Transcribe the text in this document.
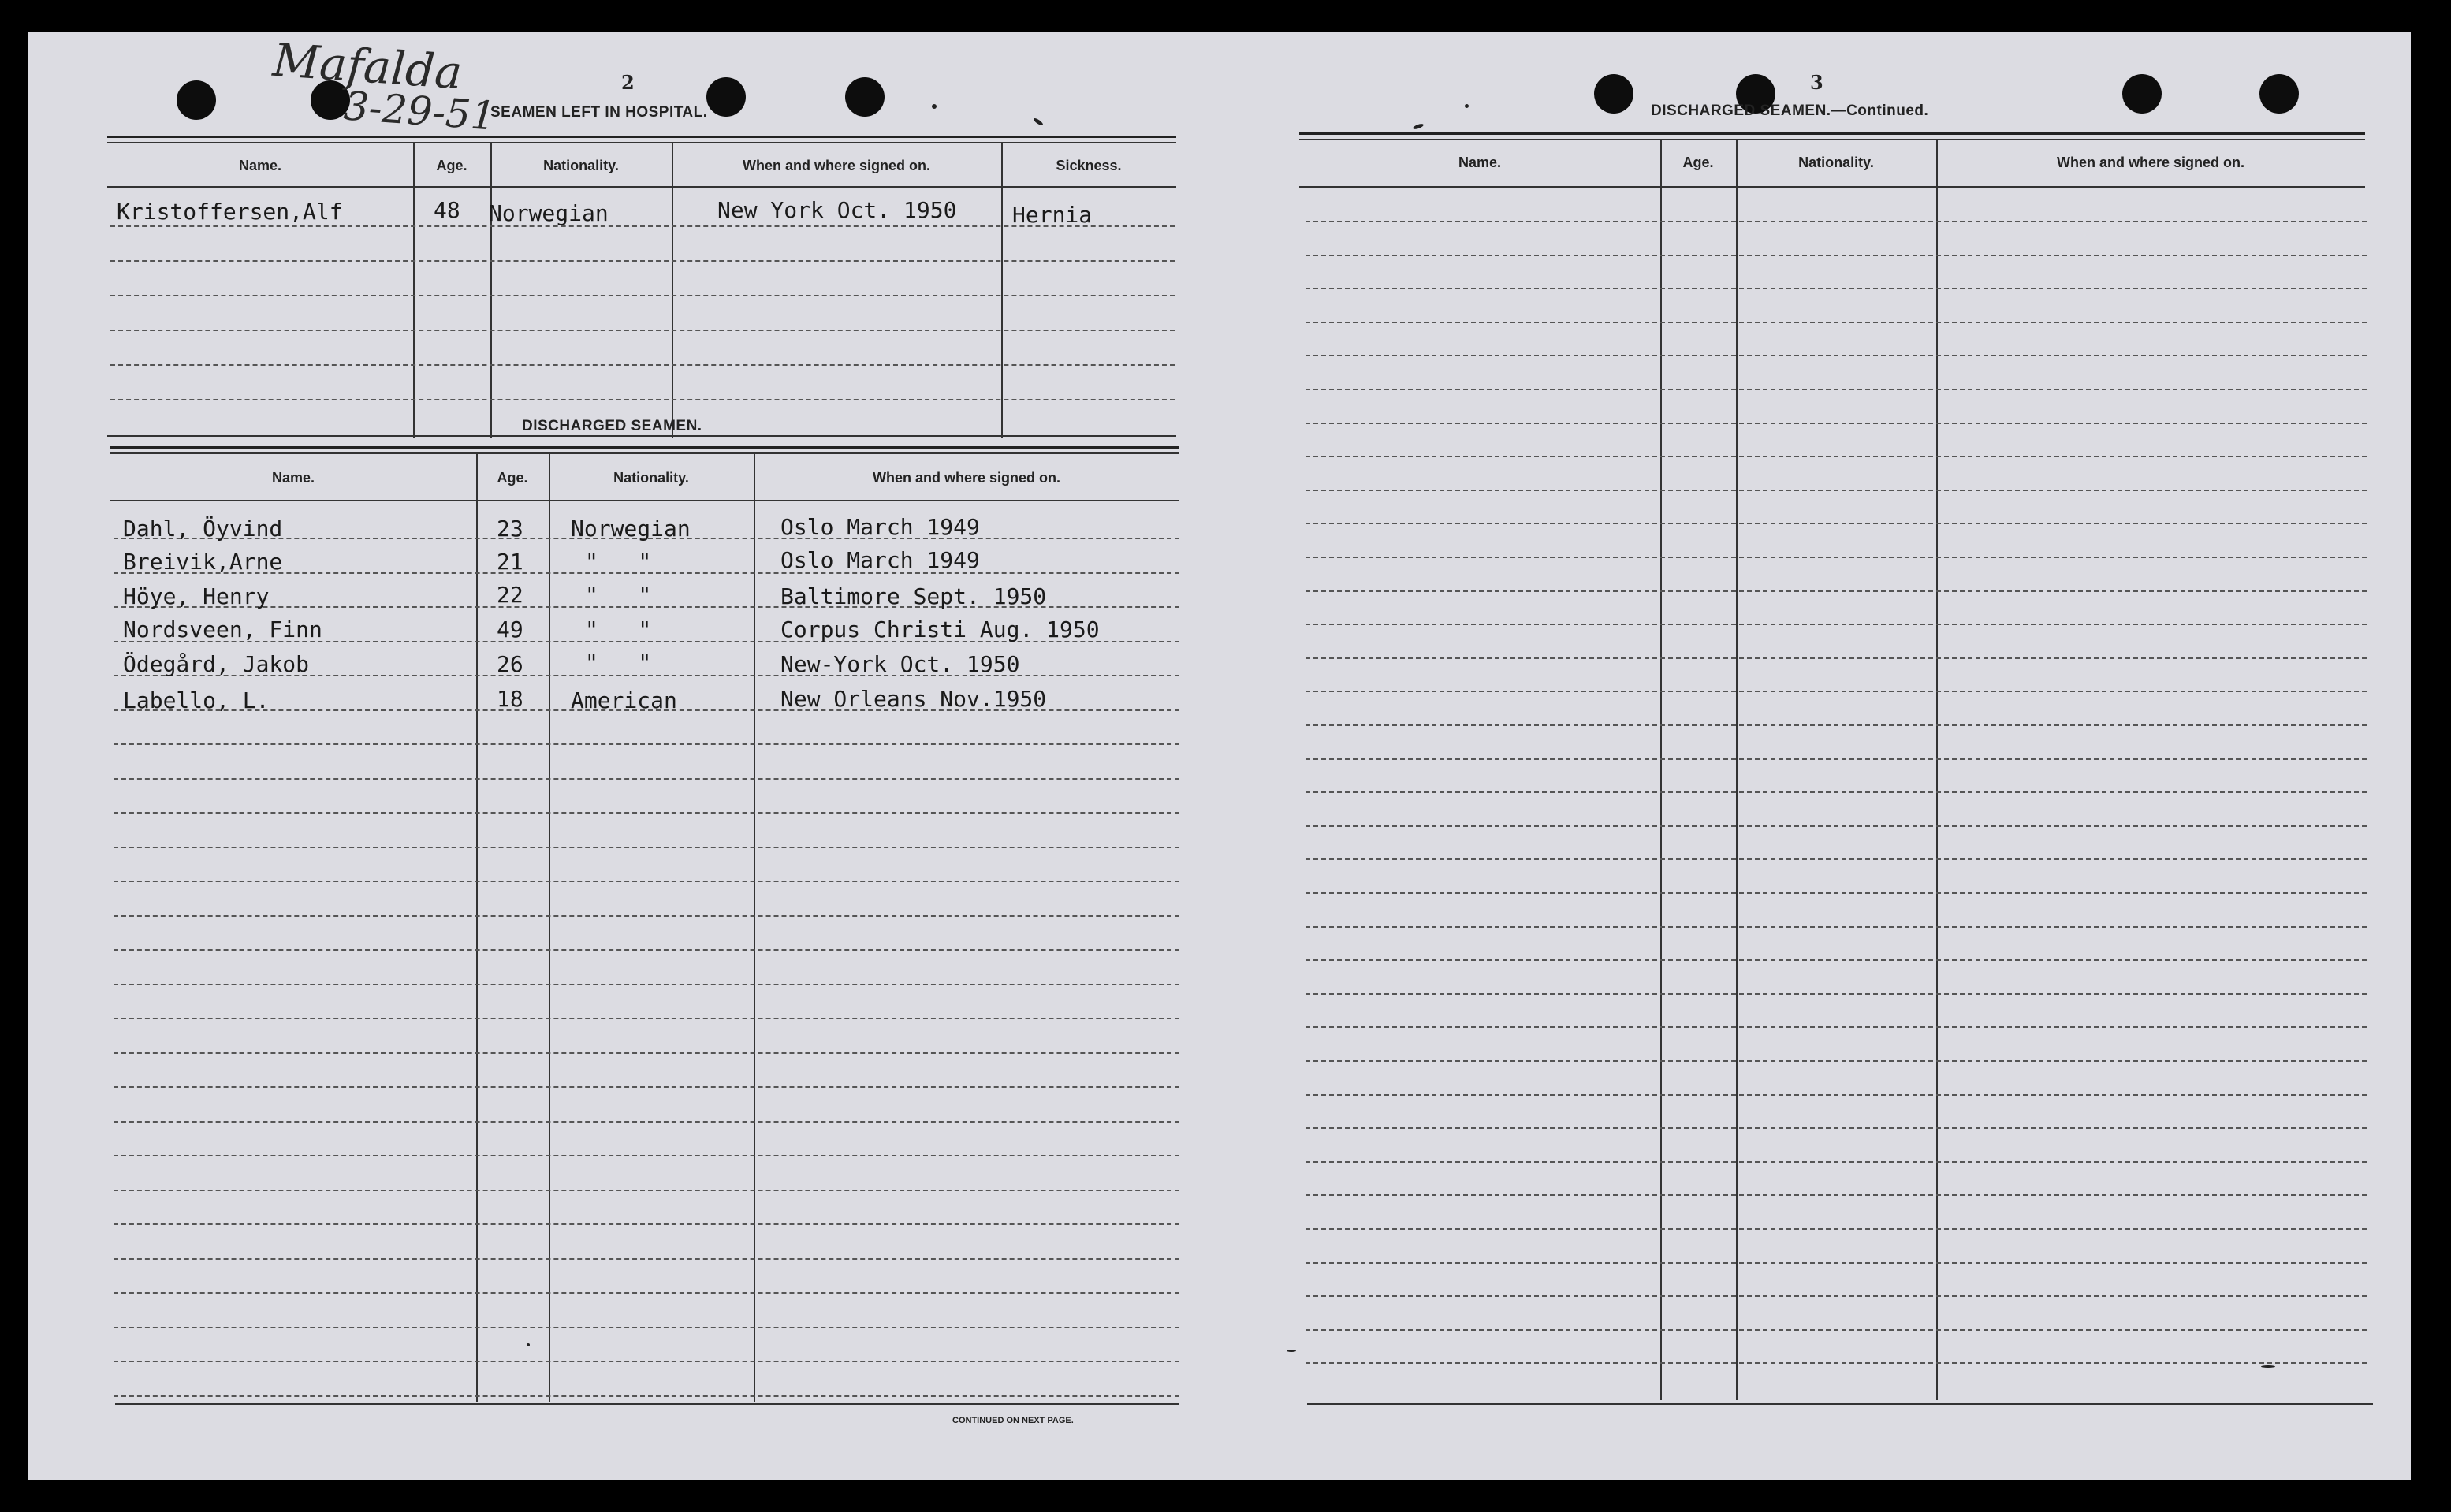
Mafalda
3-29-51
2
SEAMEN LEFT IN HOSPITAL.
Name.	Age.	Nationality.	When and where signed on.	Sickness.
Kristoffersen,Alf	48 Norwegian	New York Oct. 1950	Hernia
DISCHARGED SEAMEN.
Name.	Age.	Nationality.	When and where signed on.
Dahl, Öyvind	23 Norwegian	Oslo March 1949
Breivik,Arne	21	"   "	Oslo March 1949
Höye, Henry	22	"   "	Baltimore Sept. 1950
Nordsveen, Finn	49	"   "	Corpus Christi Aug. 1950
Ödegård, Jakob	26	"   "	New-York Oct. 1950
Labello, L.	18 American	New Orleans Nov.1950
CONTINUED ON NEXT PAGE.
3
DISCHARGED SEAMEN.—Continued.
Name.	Age.	Nationality.	When and where signed on.
